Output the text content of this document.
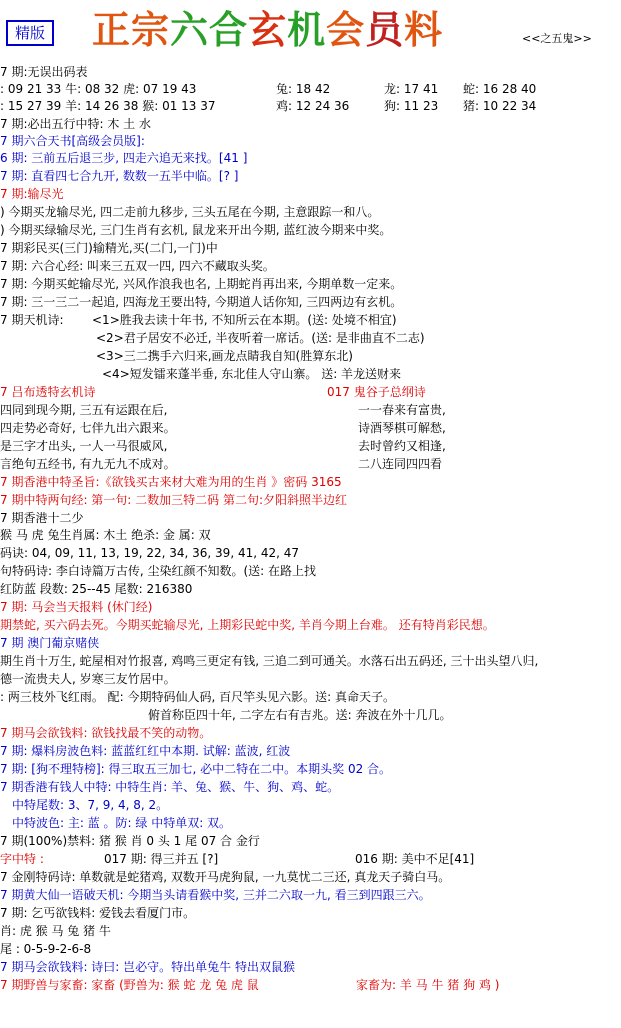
精版 正宗六合玄机会员料	<<之五鬼>>
7 期:无误出码表
: 09 21 33 牛: 08 32 虎: 07 19 43	兔: 18 42	龙: 17 41 蛇: 16 28 40
: 15 27 39 羊: 14 26 38 猴: 01 13 37	鸡: 12 24 36	狗: 11 23 猪: 10 22 34
7 期:必出五行中特: 木 土 水
7 期六合天书[高级会员版]:
6 期: 三前五后退三步, 四走六追无来找。[41 ]
7 期: 直看四七合九开, 数数一五半中临。[? ]
7 期:输尽光
) 今期买龙输尽光, 四二走前九移步, 三头五尾在今期, 主意跟踪一和八。
) 今期买绿输尽光, 三门生肖有玄机, 鼠龙来开出今期, 蓝红波今期来中奖。
7 期彩民买(三门)输精光,买(二门,一门)中
7 期: 六合心经: 叫来三五双一四, 四六不藏取头奖。
7 期: 今期买蛇输尽光, 兴风作浪我也名, 上期蛇肖再出来, 今期单数一定来。
7 期: 三一三二一起追, 四海龙王要出特, 今期道人话你知, 三四两边有玄机。
7 期天机诗: <1>胜我去读十年书, 不知所云在本期。(送: 处境不相宜)
<2>君子居安不必迁, 半夜听着一席话。(送: 是非曲直不二志)
<3>三二携手六归来,画龙点睛我自知(胜算东北)
<4>短发镭来蓬半垂, 东北佳人守山寨。 送: 羊龙送财来
7 吕布透特玄机诗	017 鬼谷子总纲诗
四同到现今期, 三五有运跟在后,	一一春来有富贵,
四走势必奇好, 七伴九出六跟来。	诗酒琴棋可解愁,
是三字才出头, 一人一马很威风,	去时曾约又相逢,
言绝句五经书, 有九无九不成对。	二八连同四四看
7 期香港中特圣旨:《欲钱买古来材大难为用的生肖 》密码 3165
7 期中特两句经: 第一句: 二数加三特二码 第二句:夕阳斜照半边红
7 期香港十二少
猴 马 虎 兔生肖属: 木土 绝杀: 金 属: 双
码诀: 04, 09, 11, 13, 19, 22, 34, 36, 39, 41, 42, 47
句特码诗: 李白诗篇万古传, 尘染红颜不知数。(送: 在路上找
红防蓝 段数: 25--45 尾数: 216380
7 期: 马会当天报料 (休门经)
期禁蛇, 买六码去死。今期买蛇输尽光, 上期彩民蛇中奖, 羊肖今期上台难。 还有特肖彩民想。
7 期 澳门葡京赌侠
期生肖十万生, 蛇屋相对竹报喜, 鸡鸣三更定有钱, 三追二到可通关。水落石出五码还, 三十出头望八归,
德一流贵夫人, 岁寒三友竹居中。
: 两三枝外飞红雨。 配: 今期特码仙人码, 百尺竿头见六影。送: 真命天子。
俯首称臣四十年, 二字左右有吉兆。送: 奔波在外十几几。
7 期马会欲钱料: 欲钱找最不笑的动物。
7 期: 爆料房波色料: 蓝蓝红红中本期. 试解: 蓝波, 红波
7 期: [狗不理特榜]: 得三取五三加七, 必中二特在二中。本期头奖 02 合。
7 期香港有钱人中特: 中特生肖: 羊、兔、猴、牛、狗、鸡、蛇。
中特尾数: 3、7, 9, 4, 8, 2。
中特波色: 主: 蓝 。防: 绿 中特单双: 双。
7 期(100%)禁料: 猪 猴 肖 0 头 1 尾 07 合 金行
字中特 :	017 期: 得三并五 [?]	016 期: 美中不足[41]
7 金刚特码诗: 单数就是蛇猪鸡, 双数开马虎狗鼠, 一九莫忧二三还, 真龙天子骑白马。
7 期黄大仙一语破天机: 今期当头请看猴中奖, 三并二六取一九, 看三到四跟三六。
7 期: 乞丐欲钱料: 爱钱去看厦门市。
肖: 虎 猴 马 兔 猪 牛
尾 : 0-5-9-2-6-8
7 期马会欲钱料: 诗曰: 岂必守。特出单兔牛 特出双鼠猴
7 期野兽与家畜: 家畜 (野兽为: 猴 蛇 龙 兔 虎 鼠	家畜为: 羊 马 牛 猪 狗 鸡 )
